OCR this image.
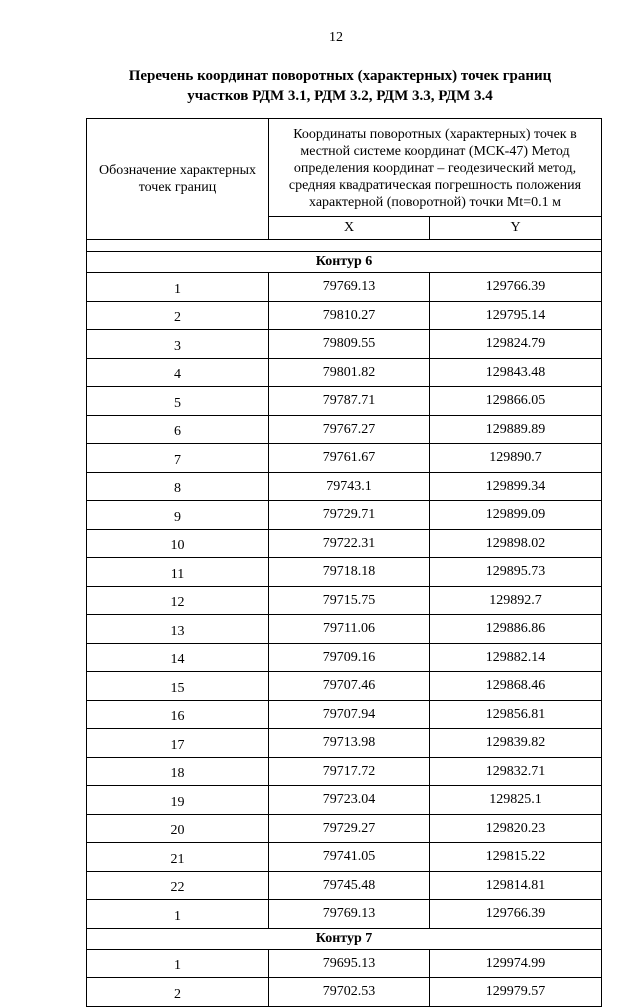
12
Перечень координат поворотных (характерных) точек границ
участков РДМ 3.1, РДМ 3.2, РДМ 3.3, РДМ 3.4
Обозначение характерных точек границ	Координаты поворотных (характерных) точек в местной системе координат (МСК-47) Метод определения координат – геодезический метод, средняя квадратическая погрешность положения характерной (поворотной) точки Mt=0.1 м	
	X	Y

Контур 6		
1	79769.13	129766.39
2	79810.27	129795.14
3	79809.55	129824.79
4	79801.82	129843.48
5	79787.71	129866.05
6	79767.27	129889.89
7	79761.67	129890.7
8	79743.1	129899.34
9	79729.71	129899.09
10	79722.31	129898.02
11	79718.18	129895.73
12	79715.75	129892.7
13	79711.06	129886.86
14	79709.16	129882.14
15	79707.46	129868.46
16	79707.94	129856.81
17	79713.98	129839.82
18	79717.72	129832.71
19	79723.04	129825.1
20	79729.27	129820.23
21	79741.05	129815.22
22	79745.48	129814.81
1	79769.13	129766.39
Контур 7		
1	79695.13	129974.99
2	79702.53	129979.57
